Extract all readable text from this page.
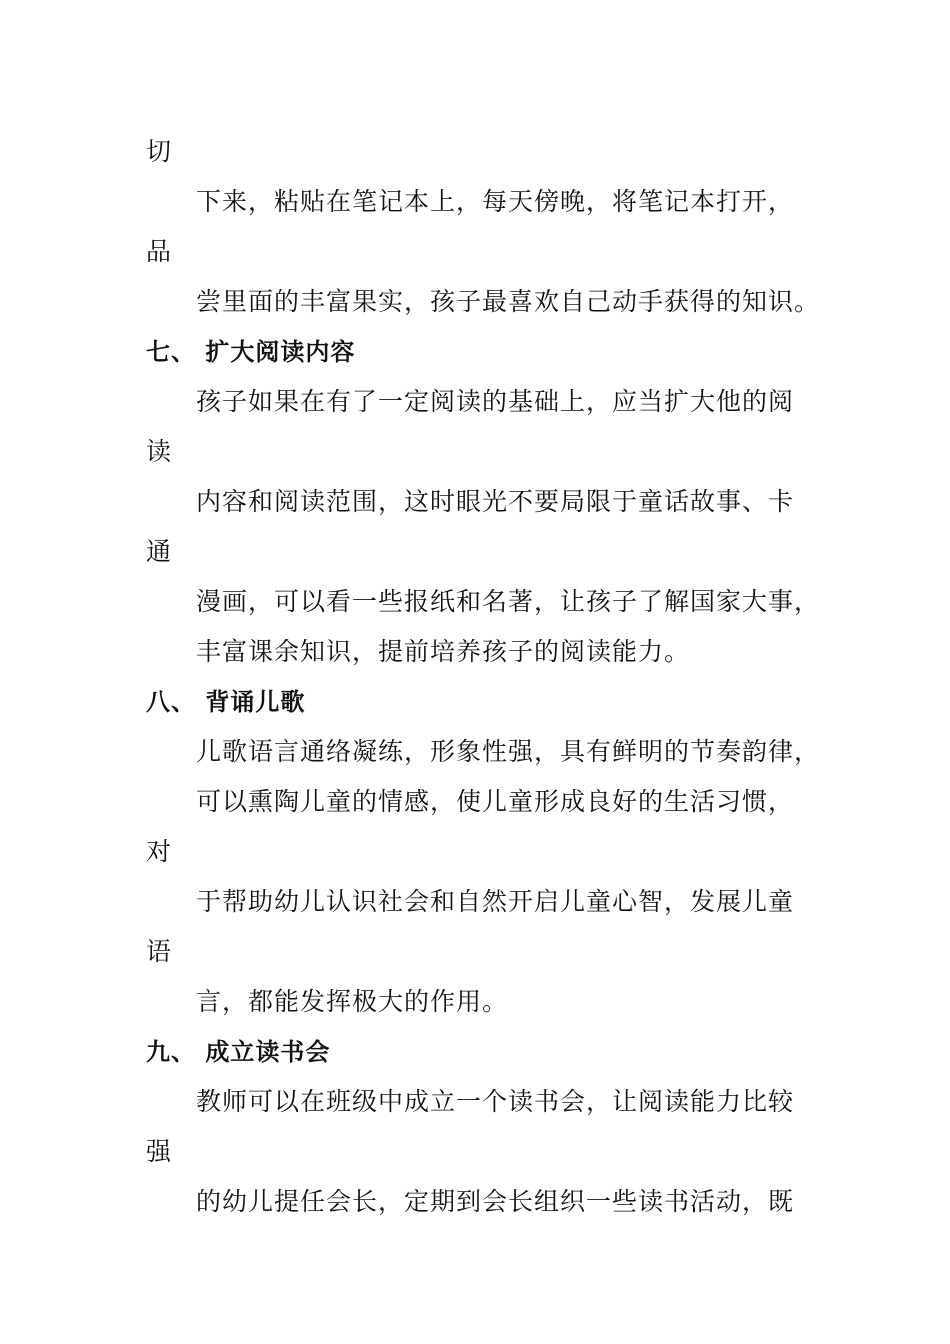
切
下来，粘贴在笔记本上，每天傍晚，将笔记本打开，
品
尝里面的丰富果实，孩子最喜欢自己动手获得的知识。
七、 扩大阅读内容
孩子如果在有了一定阅读的基础上，应当扩大他的阅
读
内容和阅读范围，这时眼光不要局限于童话故事、卡
通
漫画，可以看一些报纸和名著，让孩子了解国家大事，
丰富课余知识，提前培养孩子的阅读能力。
八、 背诵儿歌
儿歌语言通络凝练，形象性强，具有鲜明的节奏韵律，
可以熏陶儿童的情感，使儿童形成良好的生活习惯，
对
于帮助幼儿认识社会和自然开启儿童心智，发展儿童
语
言，都能发挥极大的作用。
九、 成立读书会
教师可以在班级中成立一个读书会，让阅读能力比较
强
的幼儿提任会长，定期到会长组织一些读书活动，既
